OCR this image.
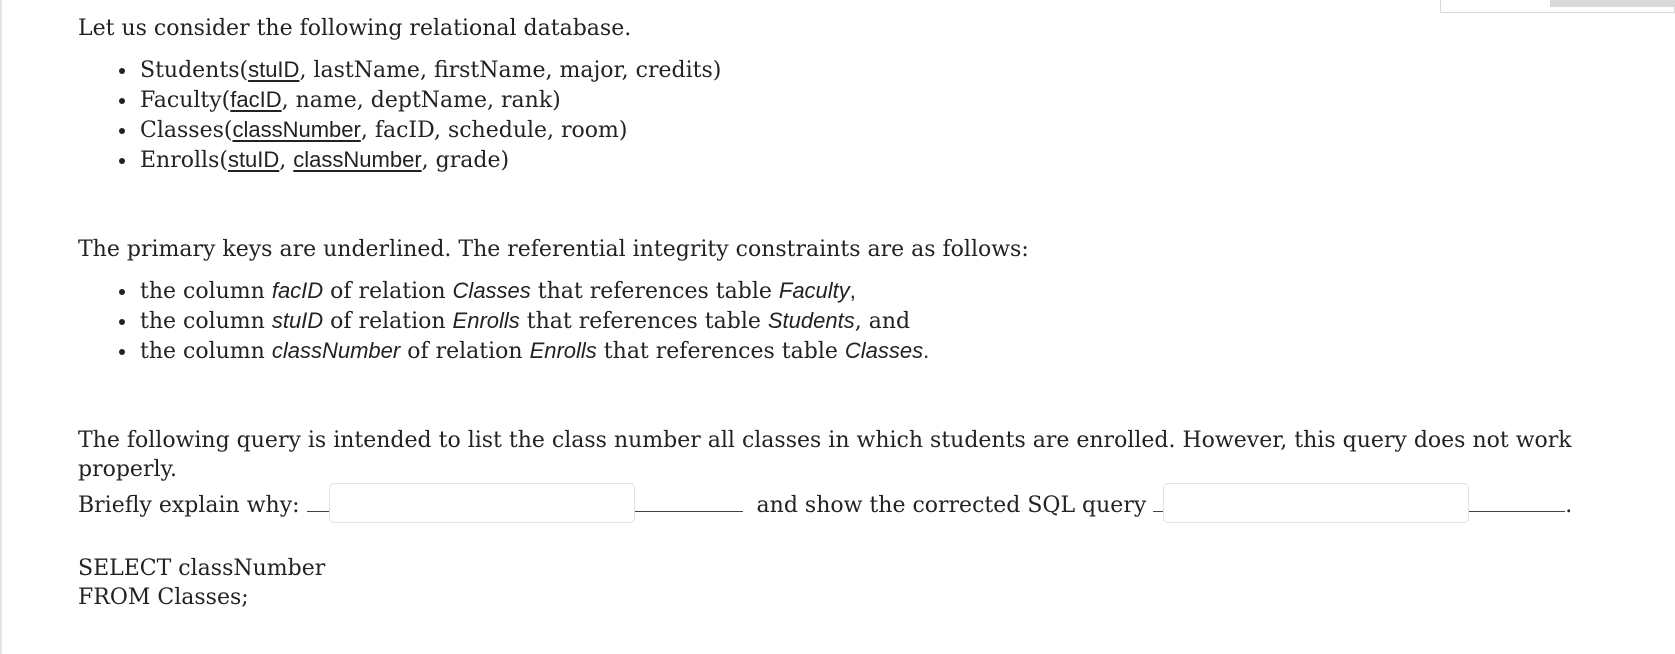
Let us consider the following relational database.

• Students(stuID, lastName, firstName, major, credits)
• Faculty(facID, name, deptName, rank)
• Classes(classNumber, facID, schedule, room)
• Enrolls(stuID, classNumber, grade)

The primary keys are underlined. The referential integrity constraints are as follows:

• the column facID of relation Classes that references table Faculty,
• the column stuID of relation Enrolls that references table Students, and
• the column classNumber of relation Enrolls that references table Classes.

The following query is intended to list the class number all classes in which students are enrolled. However, this query does not work properly.

Briefly explain why:	and show the corrected SQL query	.

SELECT classNumber
FROM Classes;
